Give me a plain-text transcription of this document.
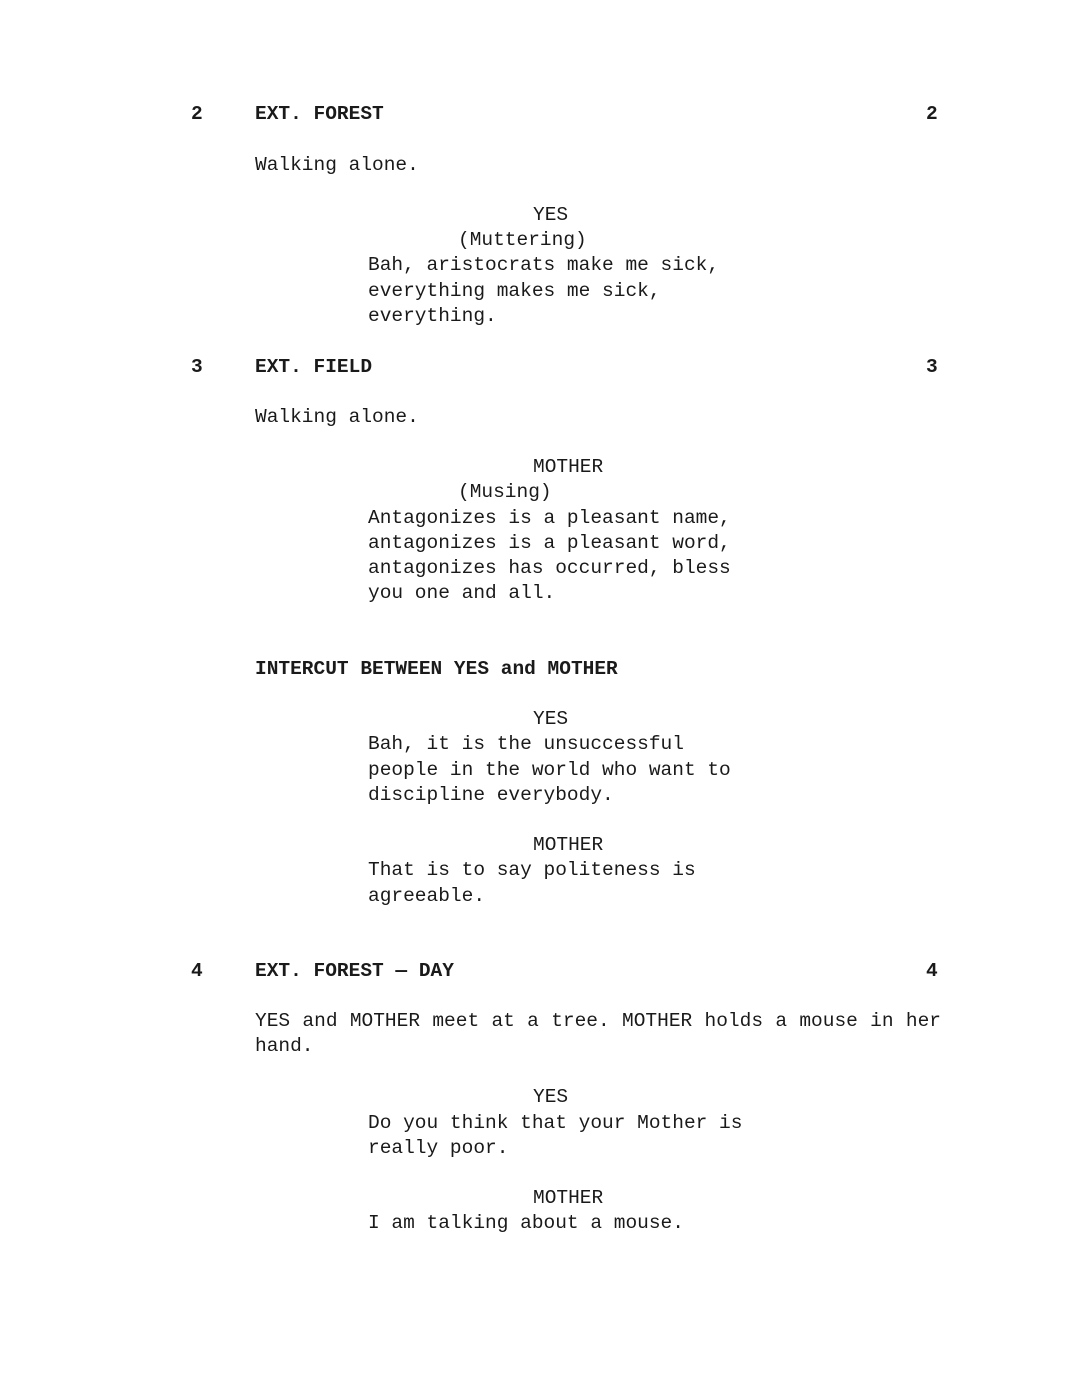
2	EXT. FOREST	2
Walking alone.
YES
(Muttering)
Bah, aristocrats make me sick,
everything makes me sick,
everything.
3	EXT. FIELD	3
Walking alone.
MOTHER
(Musing)
Antagonizes is a pleasant name,
antagonizes is a pleasant word,
antagonizes has occurred, bless
you one and all.
INTERCUT BETWEEN YES and MOTHER
YES
Bah, it is the unsuccessful
people in the world who want to
discipline everybody.
MOTHER
That is to say politeness is
agreeable.
4	EXT. FOREST — DAY	4
YES and MOTHER meet at a tree. MOTHER holds a mouse in her hand.
YES
Do you think that your Mother is
really poor.
MOTHER
I am talking about a mouse.
